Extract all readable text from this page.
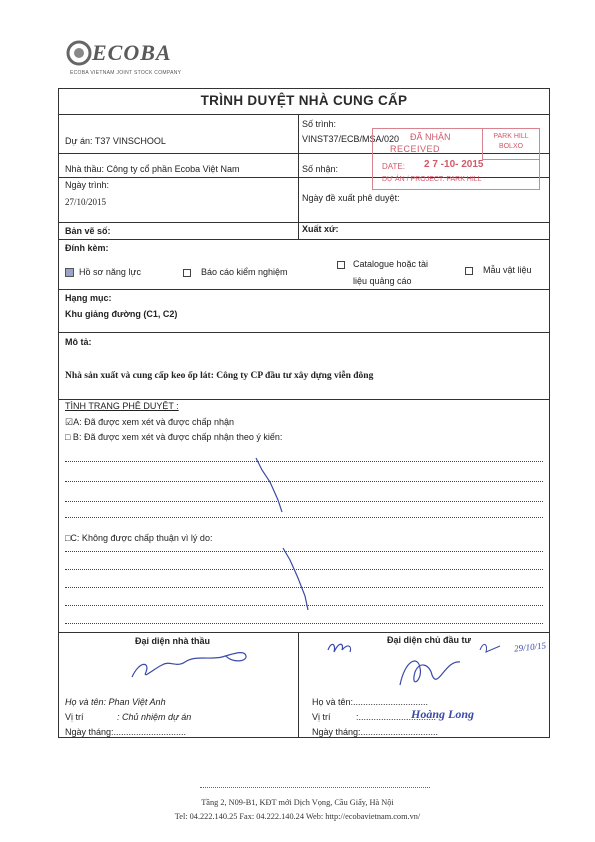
ECOBA
ECOBA VIETNAM JOINT STOCK COMPANY
TRÌNH DUYỆT NHÀ CUNG CẤP
Dự án: T37 VINSCHOOL
Số trình:
VINST37/ECB/MSA/020
Nhà thầu: Công ty cổ phần Ecoba Việt Nam	Số nhận:
Ngày trình:
27/10/2015	Ngày đề xuất phê duyệt:
Bản vẽ số:	Xuất xứ:
Đính kèm:
Hồ sơ năng lực	Báo cáo kiểm nghiệm
Catalogue hoặc tài
liệu quảng cáo
Mẫu vật liệu
Hạng mục:
Khu giảng đường (C1, C2)
Mô tả:
Nhà sản xuất và cung cấp keo ốp lát: Công ty CP đầu tư xây dựng viễn đông
TÌNH TRẠNG PHÊ DUYỆT :
☑A: Đã được xem xét và được chấp nhận
□ B: Đã được xem xét và được chấp nhận theo ý kiến:
□C: Không được chấp thuận vì lý do:
Đại diện nhà thầu	Đại diện chủ đầu tư
Họ và tên: Phan Việt Anh
Vị trí	: Chủ nhiệm dự án
Ngày tháng:.............................
Họ và tên:..............................
Vị trí	:...............................
Ngày tháng:...............................
Hoàng Long
29/10/15
PARK HILL
BOLXO
ĐÃ NHẬN
RECEIVED
DATE: 2 7 -10- 2015
DỰ ÁN / PROJECT: PARK HILL
Tầng 2, N09-B1, KĐT mới Dịch Vọng, Cầu Giấy, Hà Nội
Tel: 04.222.140.25 Fax: 04.222.140.24 Web: http://ecobavietnam.com.vn/
